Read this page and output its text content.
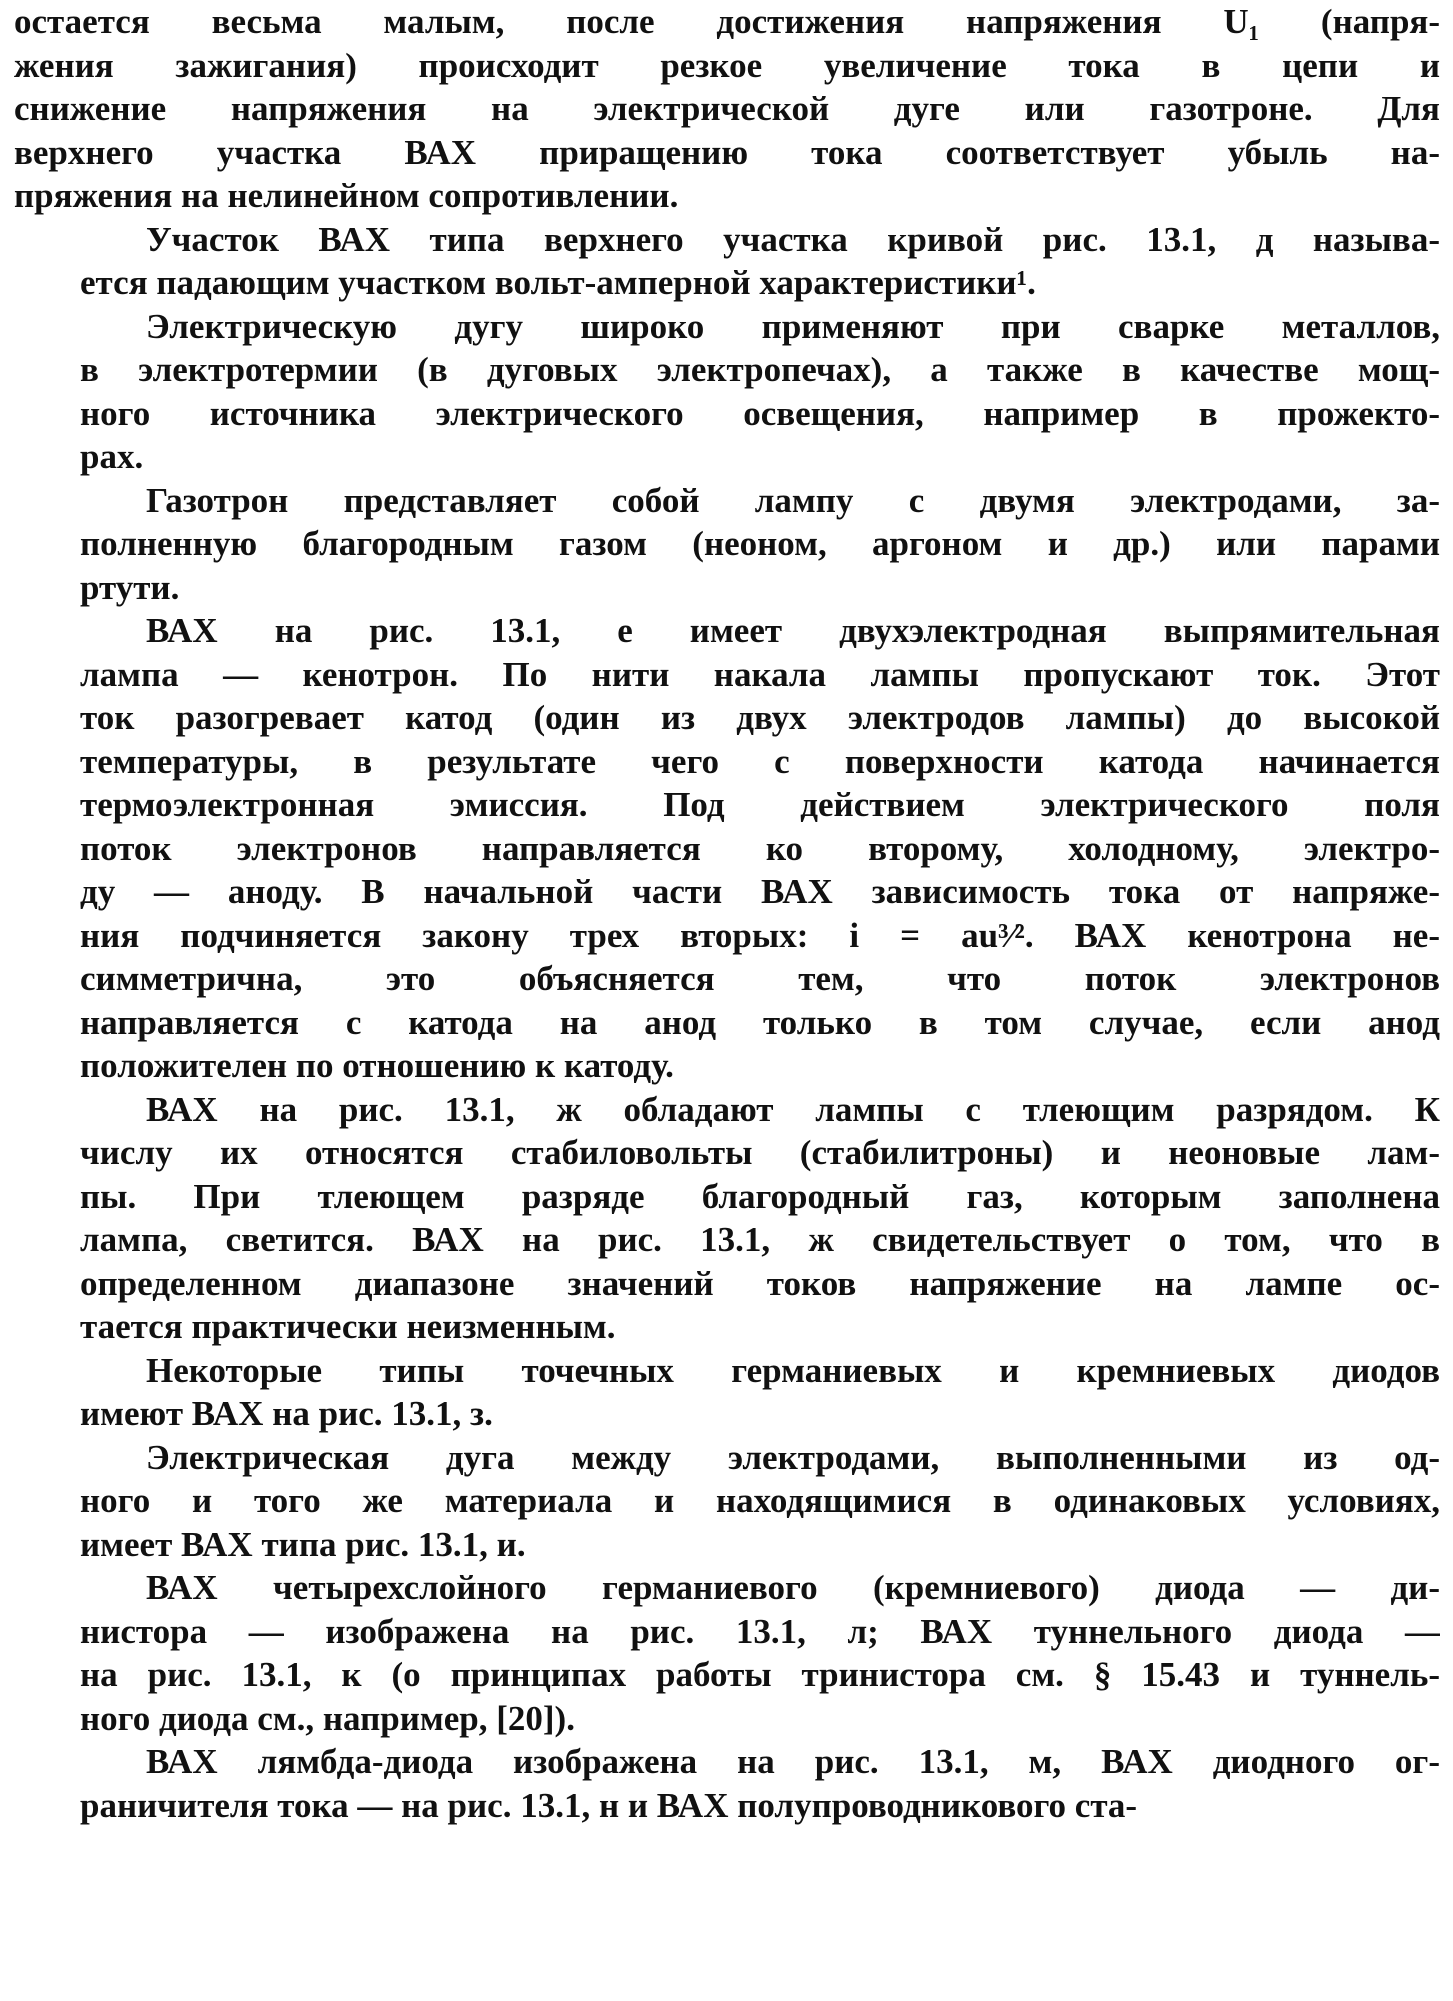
остается весьма малым, после достижения напряжения U₁ (напря-
жения зажигания) происходит резкое увеличение тока в цепи и
снижение напряжения на электрической дуге или газотроне. Для
верхнего участка ВАХ приращению тока соответствует убыль на-
пряжения на нелинейном сопротивлении.
Участок ВАХ типа верхнего участка кривой рис. 13.1, д называ-
ется падающим участком вольт-амперной характеристики¹.
Электрическую дугу широко применяют при сварке металлов,
в электротермии (в дуговых электропечах), а также в качестве мощ-
ного источника электрического освещения, например в прожекто-
рах.
Газотрон представляет собой лампу с двумя электродами, за-
полненную благородным газом (неоном, аргоном и др.) или парами
ртути.
ВАХ на рис. 13.1, е имеет двухэлектродная выпрямительная
лампа — кенотрон. По нити накала лампы пропускают ток. Этот
ток разогревает катод (один из двух электродов лампы) до высокой
температуры, в результате чего с поверхности катода начинается
термоэлектронная эмиссия. Под действием электрического поля
поток электронов направляется ко второму, холодному, электро-
ду — аноду. В начальной части ВАХ зависимость тока от напряже-
ния подчиняется закону трех вторых: i = au³⁄². ВАХ кенотрона не-
симметрична, это объясняется тем, что поток электронов
направляется с катода на анод только в том случае, если анод
положителен по отношению к катоду.
ВАХ на рис. 13.1, ж обладают лампы с тлеющим разрядом. К
числу их относятся стабиловольты (стабилитроны) и неоновые лам-
пы. При тлеющем разряде благородный газ, которым заполнена
лампа, светится. ВАХ на рис. 13.1, ж свидетельствует о том, что в
определенном диапазоне значений токов напряжение на лампе ос-
тается практически неизменным.
Некоторые типы точечных германиевых и кремниевых диодов
имеют ВАХ на рис. 13.1, з.
Электрическая дуга между электродами, выполненными из од-
ного и того же материала и находящимися в одинаковых условиях,
имеет ВАХ типа рис. 13.1, и.
ВАХ четырехслойного германиевого (кремниевого) диода — ди-
нистора — изображена на рис. 13.1, л; ВАХ туннельного диода —
на рис. 13.1, к (о принципах работы тринистора см. § 15.43 и туннель-
ного диода см., например, [20]).
ВАХ лямбда-диода изображена на рис. 13.1, м, ВАХ диодного ог-
раничителя тока — на рис. 13.1, н и ВАХ полупроводникового ста-
